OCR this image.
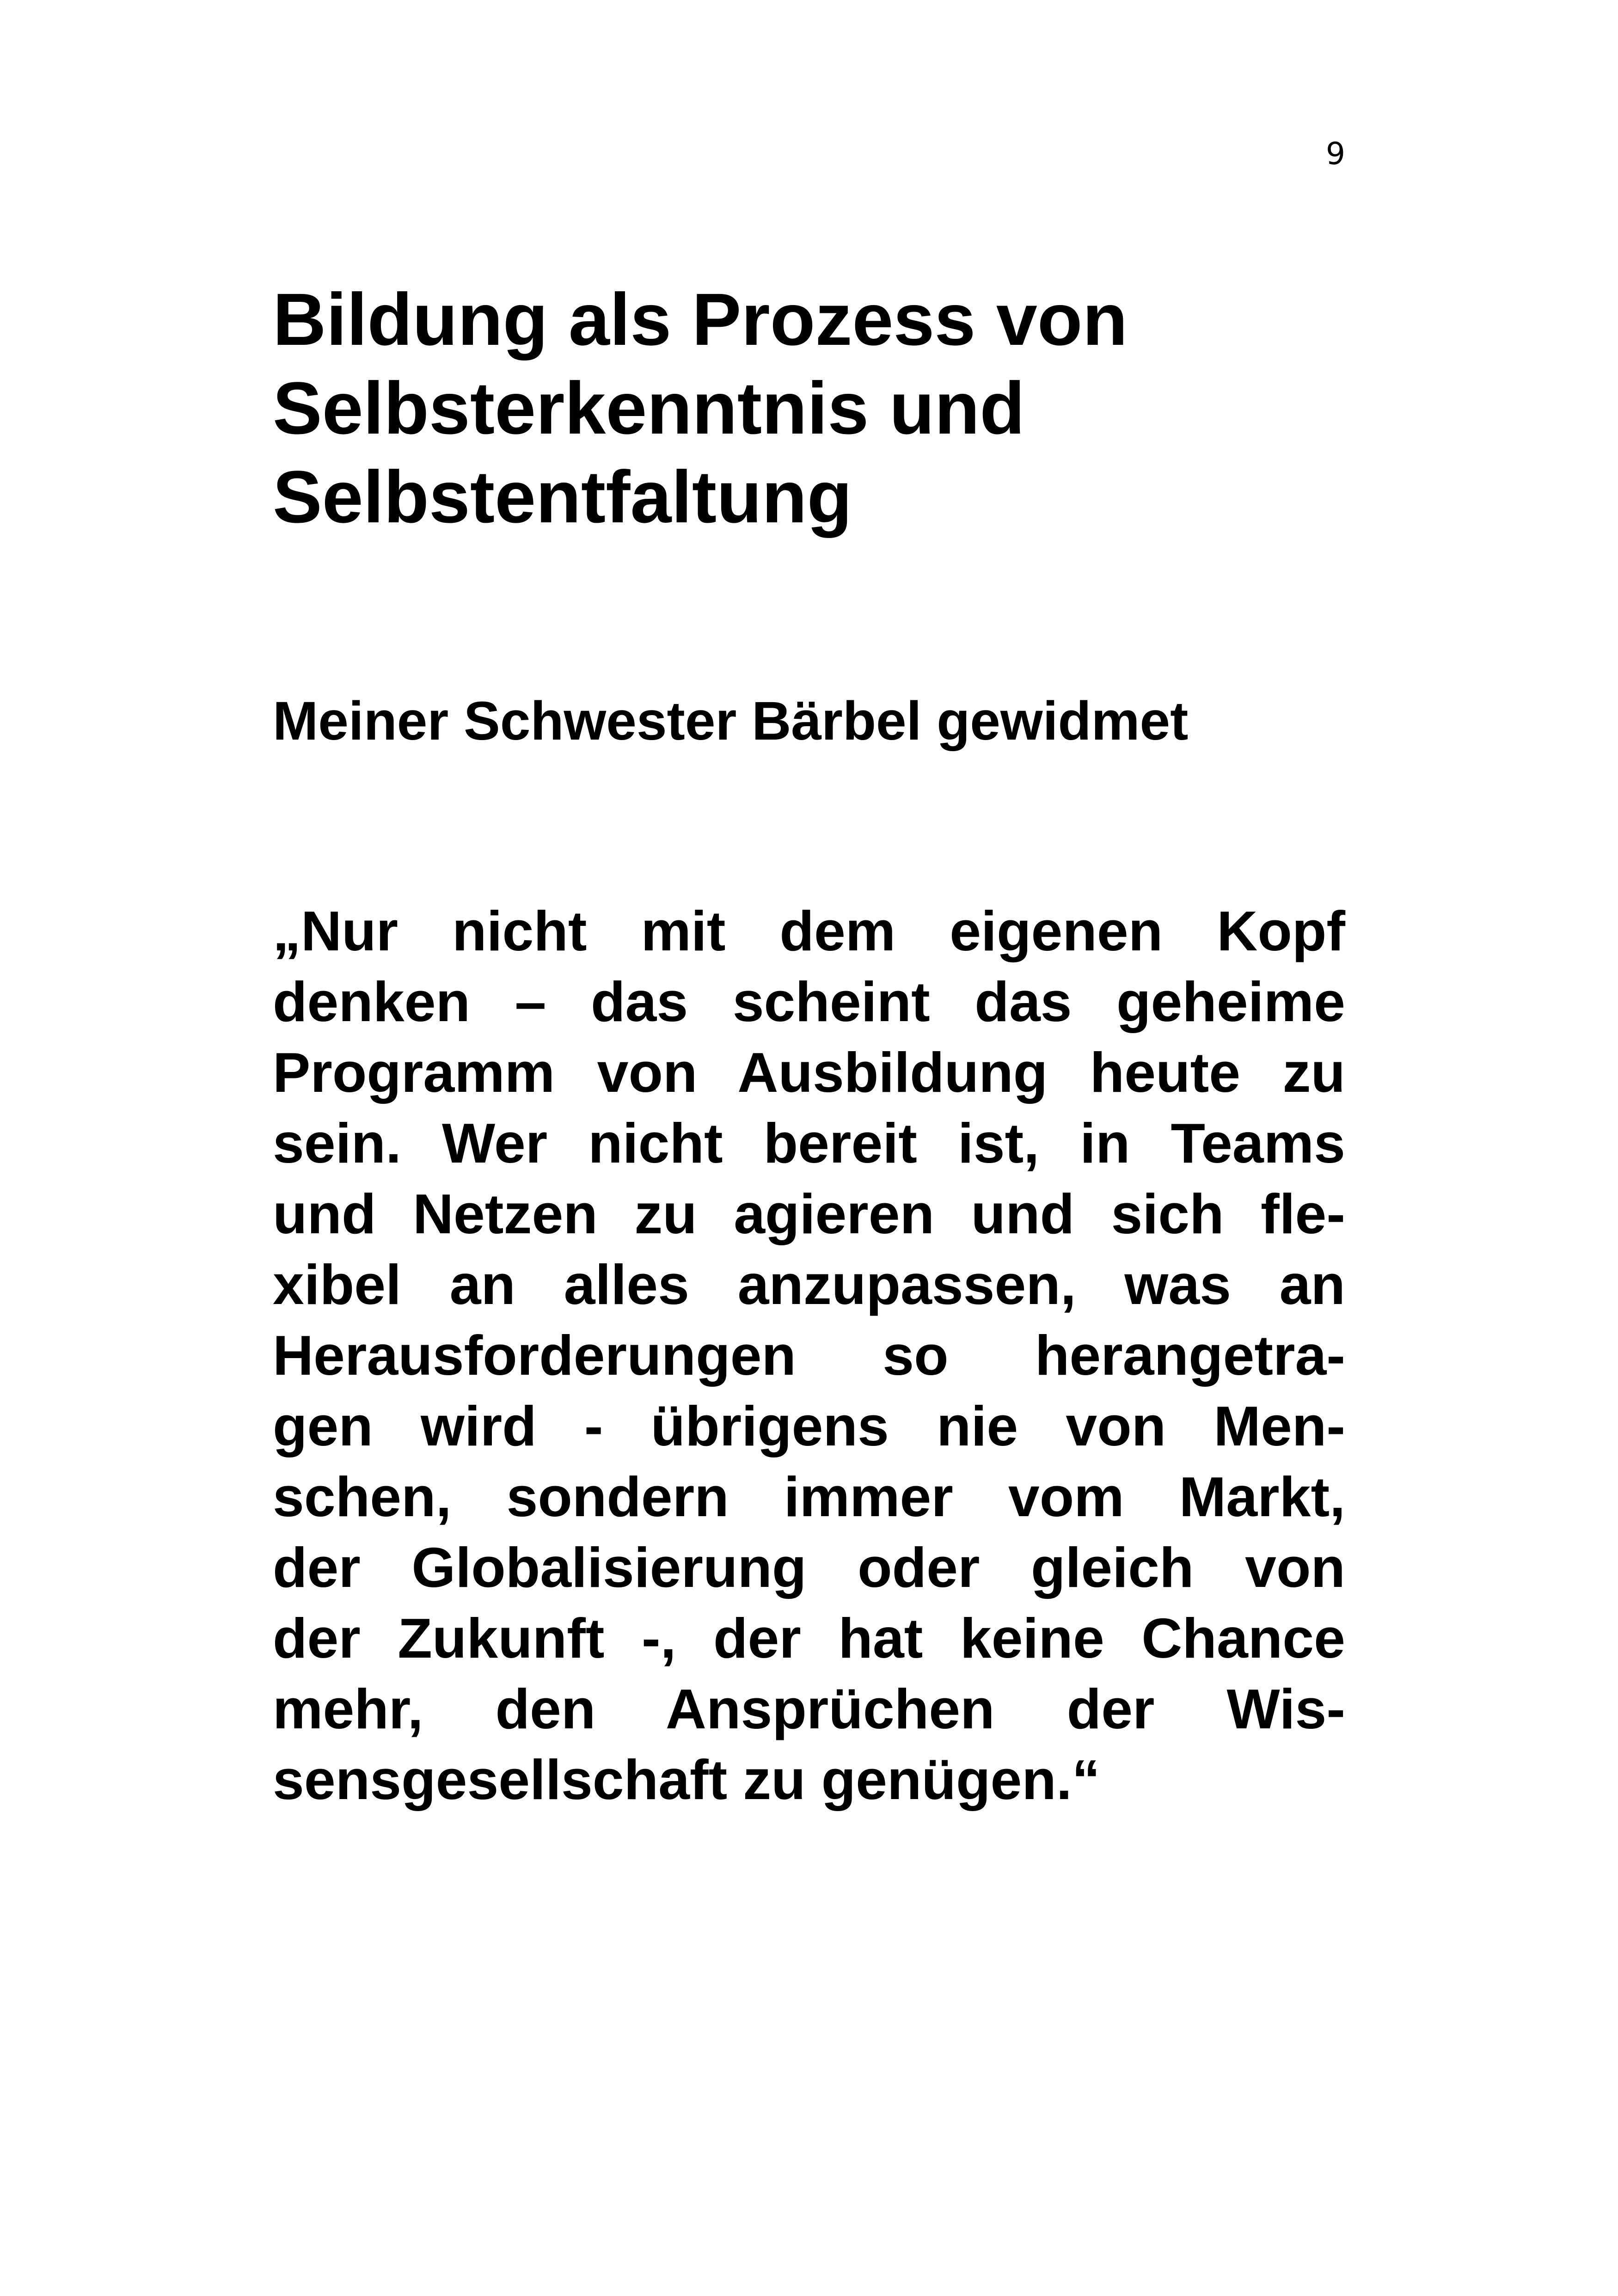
9
Bildung als Prozess von
Selbsterkenntnis und
Selbstentfaltung

Meiner Schwester Bärbel gewidmet

„Nur nicht mit dem eigenen Kopf
denken – das scheint das geheime
Programm von Ausbildung heute zu
sein. Wer nicht bereit ist, in Teams
und Netzen zu agieren und sich fle-
xibel an alles anzupassen, was an
Herausforderungen so herangetra-
gen wird - übrigens nie von Men-
schen, sondern immer vom Markt,
der Globalisierung oder gleich von
der Zukunft -, der hat keine Chance
mehr, den Ansprüchen der Wis-
sensgesellschaft zu genügen.“
